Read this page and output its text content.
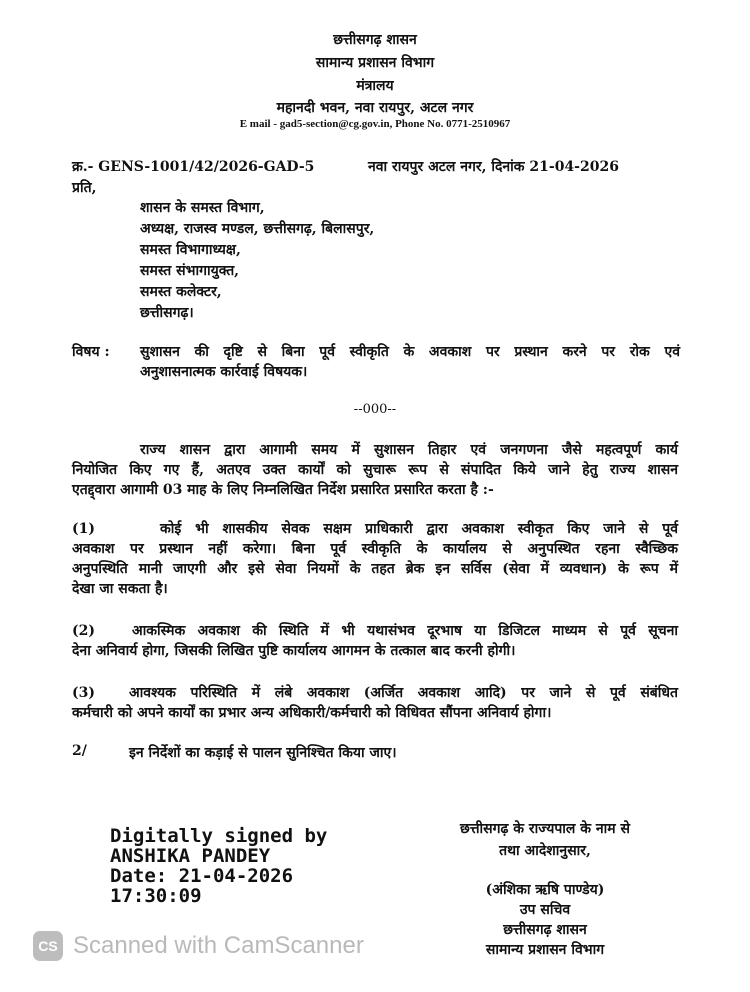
छत्तीसगढ़ शासन
सामान्य प्रशासन विभाग
मंत्रालय
महानदी भवन, नवा रायपुर, अटल नगर
E mail - gad5-section@cg.gov.in, Phone No. 0771-2510967
क्र.- GENS-1001/42/2026-GAD-5	नवा रायपुर अटल नगर, दिनांक 21-04-2026
प्रति,
शासन के समस्त विभाग,
अध्यक्ष, राजस्व मण्डल, छत्तीसगढ़, बिलासपुर,
समस्त विभागाध्यक्ष,
समस्त संभागायुक्त,
समस्त कलेक्टर,
छत्तीसगढ़।
विषय : सुशासन की दृष्टि से बिना पूर्व स्वीकृति के अवकाश पर प्रस्थान करने पर रोक एवं
अनुशासनात्मक कार्रवाई विषयक।
--000--
राज्य शासन द्वारा आगामी समय में सुशासन तिहार एवं जनगणना जैसे महत्वपूर्ण कार्य
नियोजित किए गए हैं, अतएव उक्त कार्यों को सुचारू रूप से संपादित किये जाने हेतु राज्य शासन
एतद्द्वारा आगामी 03 माह के लिए निम्नलिखित निर्देश प्रसारित प्रसारित करता है :-
(1)	कोई भी शासकीय सेवक सक्षम प्राधिकारी द्वारा अवकाश स्वीकृत किए जाने से पूर्व
अवकाश पर प्रस्थान नहीं करेगा। बिना पूर्व स्वीकृति के कार्यालय से अनुपस्थित रहना स्वैच्छिक
अनुपस्थिति मानी जाएगी और इसे सेवा नियमों के तहत ब्रेक इन सर्विस (सेवा में व्यवधान) के रूप में
देखा जा सकता है।
(2)	आकस्मिक अवकाश की स्थिति में भी यथासंभव दूरभाष या डिजिटल माध्यम से पूर्व सूचना
देना अनिवार्य होगा, जिसकी लिखित पुष्टि कार्यालय आगमन के तत्काल बाद करनी होगी।
(3)	आवश्यक परिस्थिति में लंबे अवकाश (अर्जित अवकाश आदि) पर जाने से पूर्व संबंधित
कर्मचारी को अपने कार्यों का प्रभार अन्य अधिकारी/कर्मचारी को विधिवत सौंपना अनिवार्य होगा।
2/	इन निर्देशों का कड़ाई से पालन सुनिश्चित किया जाए।
Digitally signed by
ANSHIKA PANDEY
Date: 21-04-2026
17:30:09
छत्तीसगढ़ के राज्यपाल के नाम से
तथा आदेशानुसार,
(अंशिका ऋषि पाण्डेय)
उप सचिव
छत्तीसगढ़ शासन
सामान्य प्रशासन विभाग
CS Scanned with CamScanner
